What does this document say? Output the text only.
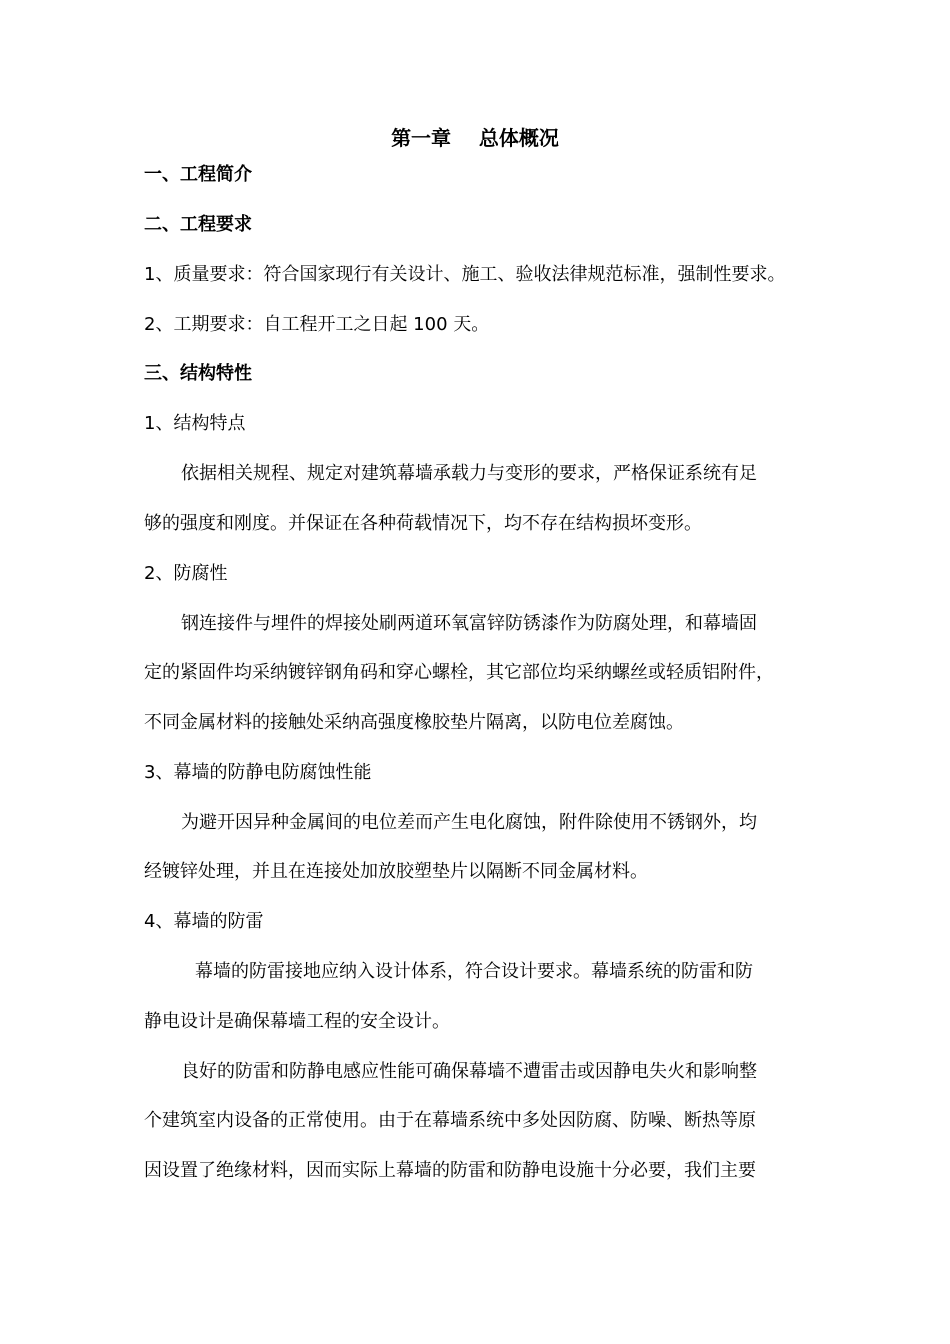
第一章    总体概况
一、工程简介
二、工程要求
1、质量要求：符合国家现行有关设计、施工、验收法律规范标准，强制性要求。
2、工期要求：自工程开工之日起 100 天。
三、结构特性
1、结构特点
依据相关规程、规定对建筑幕墙承载力与变形的要求，严格保证系统有足
够的强度和刚度。并保证在各种荷载情况下，均不存在结构损坏变形。
2、防腐性
钢连接件与埋件的焊接处刷两道环氧富锌防锈漆作为防腐处理，和幕墙固
定的紧固件均采纳镀锌钢角码和穿心螺栓，其它部位均采纳螺丝或轻质铝附件，
不同金属材料的接触处采纳高强度橡胶垫片隔离，以防电位差腐蚀。
3、幕墙的防静电防腐蚀性能
为避开因异种金属间的电位差而产生电化腐蚀，附件除使用不锈钢外，均
经镀锌处理，并且在连接处加放胶塑垫片以隔断不同金属材料。
4、幕墙的防雷
幕墙的防雷接地应纳入设计体系，符合设计要求。幕墙系统的防雷和防
静电设计是确保幕墙工程的安全设计。
良好的防雷和防静电感应性能可确保幕墙不遭雷击或因静电失火和影响整
个建筑室内设备的正常使用。由于在幕墙系统中多处因防腐、防噪、断热等原
因设置了绝缘材料，因而实际上幕墙的防雷和防静电设施十分必要，我们主要
